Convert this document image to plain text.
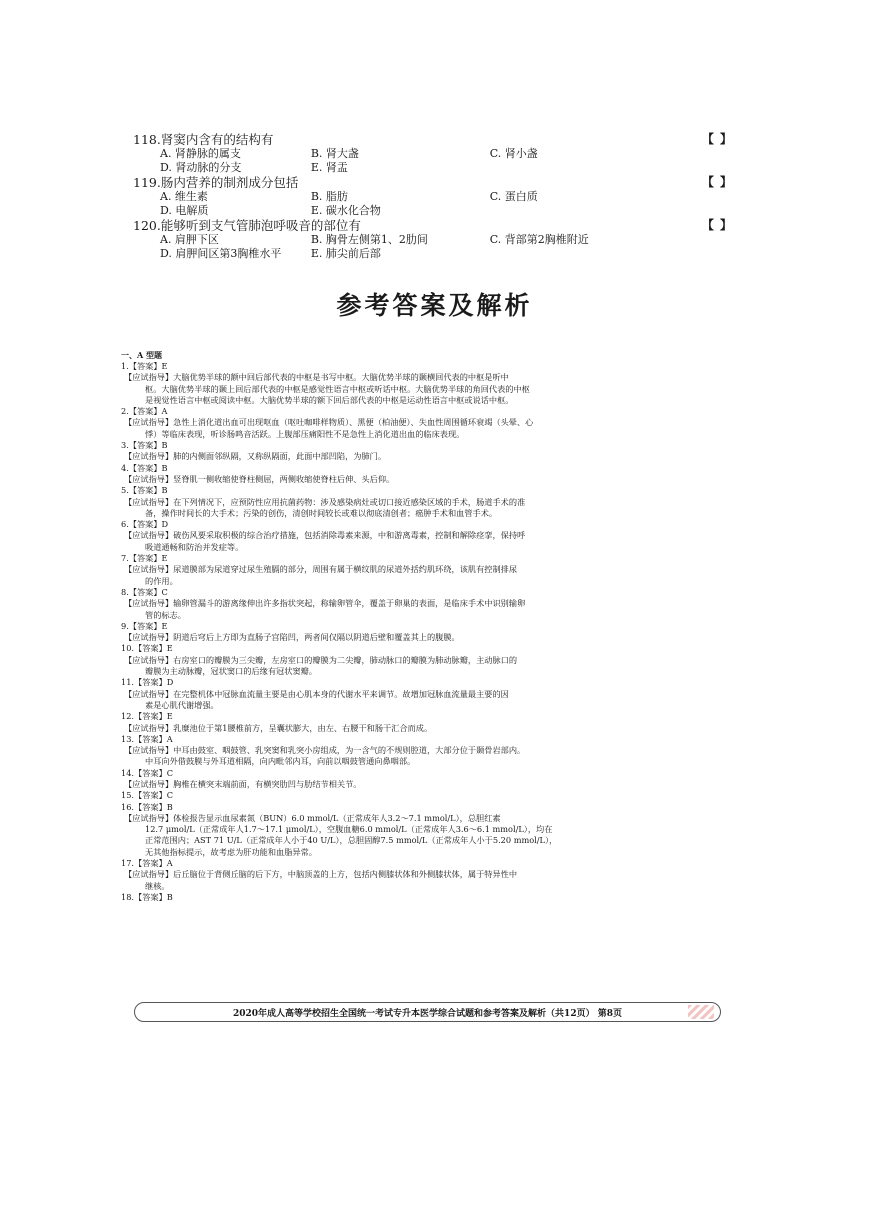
118. 肾窦内含有的结构有	【 】
A. 肾静脉的属支	B. 肾大盏	C. 肾小盏
D. 肾动脉的分支	E. 肾盂
119. 肠内营养的制剂成分包括	【 】
A. 维生素	B. 脂肪	C. 蛋白质
D. 电解质	E. 碳水化合物
120. 能够听到支气管肺泡呼吸音的部位有	【 】
A. 肩胛下区	B. 胸骨左侧第1、2肋间	C. 背部第2胸椎附近
D. 肩胛间区第3胸椎水平	E. 肺尖前后部
参考答案及解析
一、A 型题
1.【答案】E
【应试指导】大脑优势半球的额中回后部代表的中枢是书写中枢。大脑优势半球的颞横回代表的中枢是听中
枢。大脑优势半球的颞上回后部代表的中枢是感觉性语言中枢或听话中枢。大脑优势半球的角回代表的中枢
是视觉性语言中枢或阅读中枢。大脑优势半球的额下回后部代表的中枢是运动性语言中枢或说话中枢。
2.【答案】A
【应试指导】急性上消化道出血可出现呕血（呕吐咖啡样物质）、黑便（柏油便）、失血性周围循环衰竭（头晕、心
悸）等临床表现，听诊肠鸣音活跃。上腹部压痛阳性不是急性上消化道出血的临床表现。
3.【答案】B
【应试指导】肺的内侧面邻纵隔，又称纵隔面，此面中部凹陷，为肺门。
4.【答案】B
【应试指导】竖脊肌一侧收缩使脊柱侧屈，两侧收缩使脊柱后伸、头后仰。
5.【答案】B
【应试指导】在下列情况下，应预防性应用抗菌药物：涉及感染病灶或切口接近感染区域的手术，肠道手术的准
备，操作时间长的大手术；污染的创伤，清创时间较长或难以彻底清创者；癌肿手术和血管手术。
6.【答案】D
【应试指导】破伤风要采取积极的综合治疗措施，包括消除毒素来源，中和游离毒素，控制和解除痉挛，保持呼
吸道通畅和防治并发症等。
7.【答案】E
【应试指导】尿道膜部为尿道穿过尿生殖膈的部分，周围有属于横纹肌的尿道外括约肌环绕，该肌有控制排尿
的作用。
8.【答案】C
【应试指导】输卵管漏斗的游离缘伸出许多指状突起，称输卵管伞，覆盖于卵巢的表面，是临床手术中识别输卵
管的标志。
9.【答案】E
【应试指导】阴道后穹后上方即为直肠子宫陷凹，两者间仅隔以阴道后壁和覆盖其上的腹膜。
10.【答案】E
【应试指导】右房室口的瓣膜为三尖瓣，左房室口的瓣膜为二尖瓣，肺动脉口的瓣膜为肺动脉瓣，主动脉口的
瓣膜为主动脉瓣，冠状窦口的后缘有冠状窦瓣。
11.【答案】D
【应试指导】在完整机体中冠脉血流量主要是由心肌本身的代谢水平来调节。故增加冠脉血流量最主要的因
素是心肌代谢增强。
12.【答案】E
【应试指导】乳糜池位于第1腰椎前方，呈囊状膨大，由左、右腰干和肠干汇合而成。
13.【答案】A
【应试指导】中耳由鼓室、咽鼓管、乳突窦和乳突小房组成，为一含气的不规则腔道，大部分位于颞骨岩部内。
中耳向外借鼓膜与外耳道相隔，向内毗邻内耳，向前以咽鼓管通向鼻咽部。
14.【答案】C
【应试指导】胸椎在横突末端前面，有横突肋凹与肋结节相关节。
15.【答案】C
16.【答案】B
【应试指导】体检报告显示血尿素氮（BUN）6.0 mmol/L（正常成年人3.2～7.1 mmol/L），总胆红素
12.7 μmol/L（正常成年人1.7～17.1 μmol/L），空腹血糖6.0 mmol/L（正常成年人3.6～6.1 mmol/L），均在
正常范围内；AST 71 U/L（正常成年人小于40 U/L），总胆固醇7.5 mmol/L（正常成年人小于5.20 mmol/L），
无其他指标提示，故考虑为肝功能和血脂异常。
17.【答案】A
【应试指导】后丘脑位于背侧丘脑的后下方，中脑顶盖的上方，包括内侧膝状体和外侧膝状体，属于特异性中
继核。
18.【答案】B
2020年成人高等学校招生全国统一考试专升本医学综合试题和参考答案及解析（共12页） 第8页
